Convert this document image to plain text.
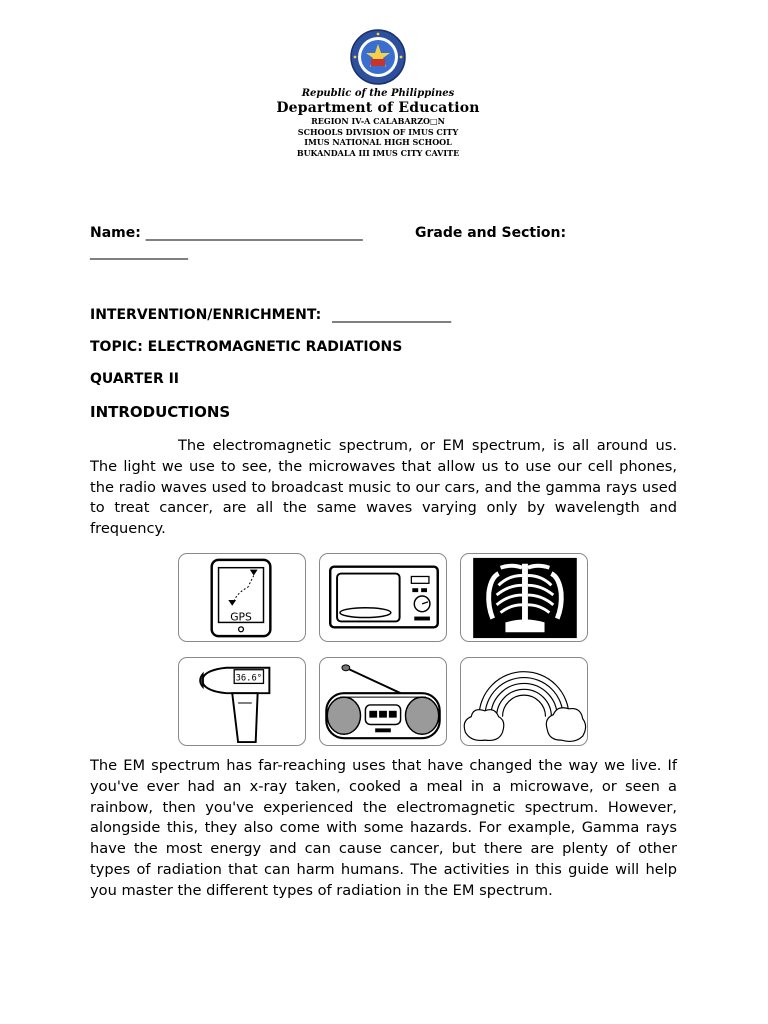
Republic of the Philippines
Department of Education
REGION IV-A CALABARZO□N
SCHOOLS DIVISION OF IMUS CITY
IMUS NATIONAL HIGH SCHOOL
BUKANDALA III IMUS CITY CAVITE
Name: _______________________________	Grade and Section:
______________
INTERVENTION/ENRICHMENT: _________________
TOPIC: ELECTROMAGNETIC RADIATIONS
QUARTER II
INTRODUCTIONS

The electromagnetic spectrum, or EM spectrum, is all around us. The light we use to see, the microwaves that allow us to use our cell phones, the radio waves used to broadcast music to our cars, and the gamma rays used to treat cancer, are all the same waves varying only by wavelength and frequency.

GPS
36.6°

The EM spectrum has far-reaching uses that have changed the way we live. If you've ever had an x-ray taken, cooked a meal in a microwave, or seen a rainbow, then you've experienced the electromagnetic spectrum. However, alongside this, they also come with some hazards. For example, Gamma rays have the most energy and can cause cancer, but there are plenty of other types of radiation that can harm humans. The activities in this guide will help you master the different types of radiation in the EM spectrum.
